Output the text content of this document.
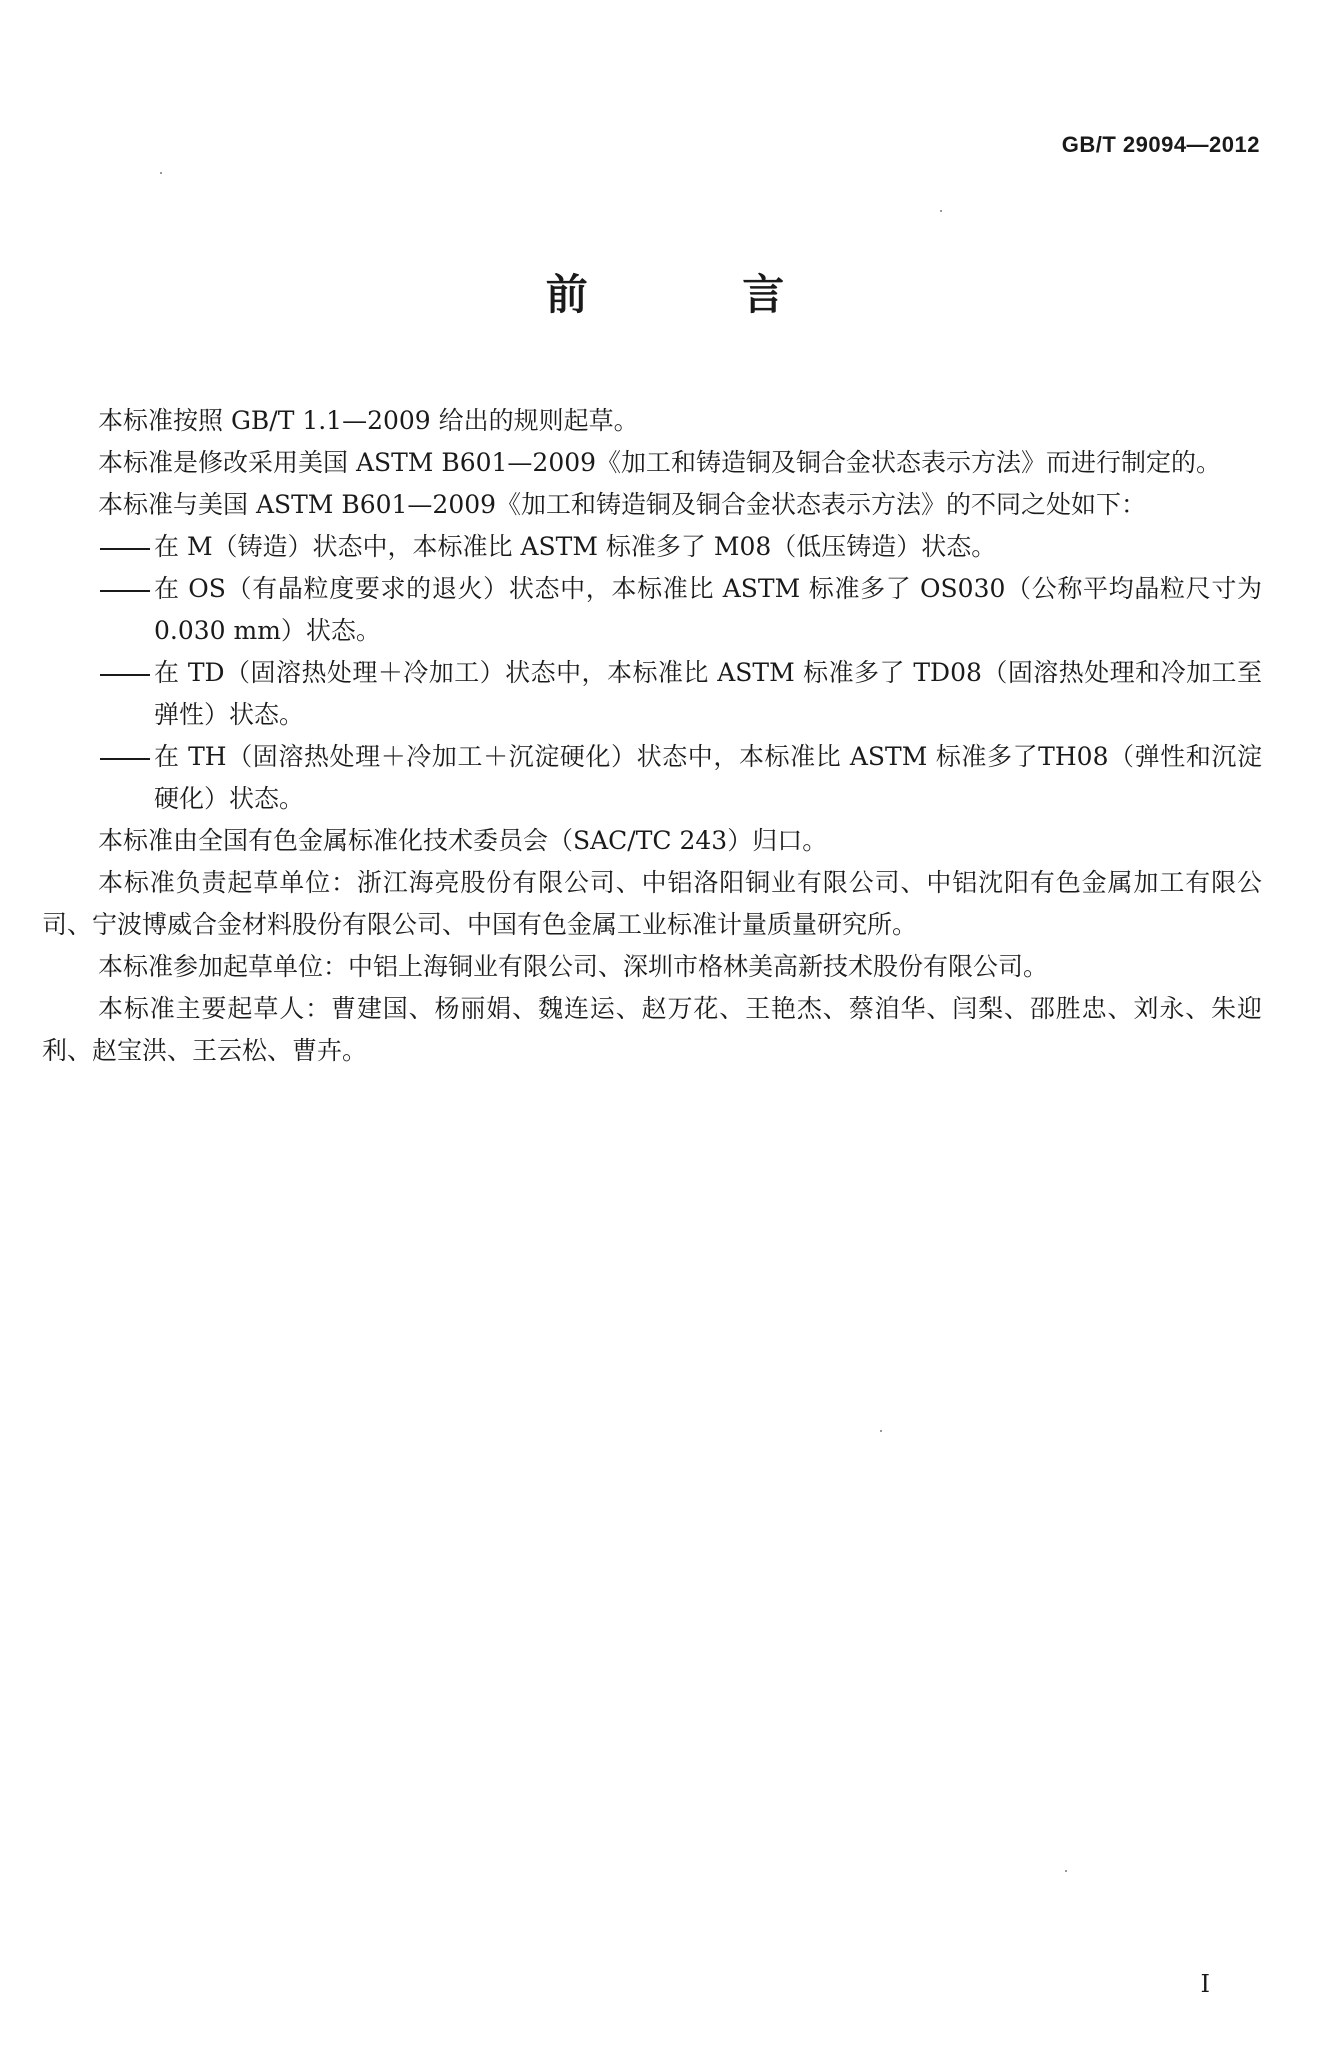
GB/T 29094—2012
前 言

本标准按照 GB/T 1.1—2009 给出的规则起草。

本标准是修改采用美国 ASTM B601—2009《加工和铸造铜及铜合金状态表示方法》而进行制定的。

本标准与美国 ASTM B601—2009《加工和铸造铜及铜合金状态表示方法》的不同之处如下：

在 M（铸造）状态中，本标准比 ASTM 标准多了 M08（低压铸造）状态。
在 OS（有晶粒度要求的退火）状态中，本标准比 ASTM 标准多了 OS030（公称平均晶粒尺寸为0.030 mm）状态。
在 TD（固溶热处理＋冷加工）状态中，本标准比 ASTM 标准多了 TD08（固溶热处理和冷加工至弹性）状态。
在 TH（固溶热处理＋冷加工＋沉淀硬化）状态中，本标准比 ASTM 标准多了TH08（弹性和沉淀硬化）状态。

本标准由全国有色金属标准化技术委员会（SAC/TC 243）归口。

本标准负责起草单位：浙江海亮股份有限公司、中铝洛阳铜业有限公司、中铝沈阳有色金属加工有限公司、宁波博威合金材料股份有限公司、中国有色金属工业标准计量质量研究所。

本标准参加起草单位：中铝上海铜业有限公司、深圳市格林美高新技术股份有限公司。

本标准主要起草人：曹建国、杨丽娟、魏连运、赵万花、王艳杰、蔡洎华、闫梨、邵胜忠、刘永、朱迎利、赵宝洪、王云松、曹卉。

I
